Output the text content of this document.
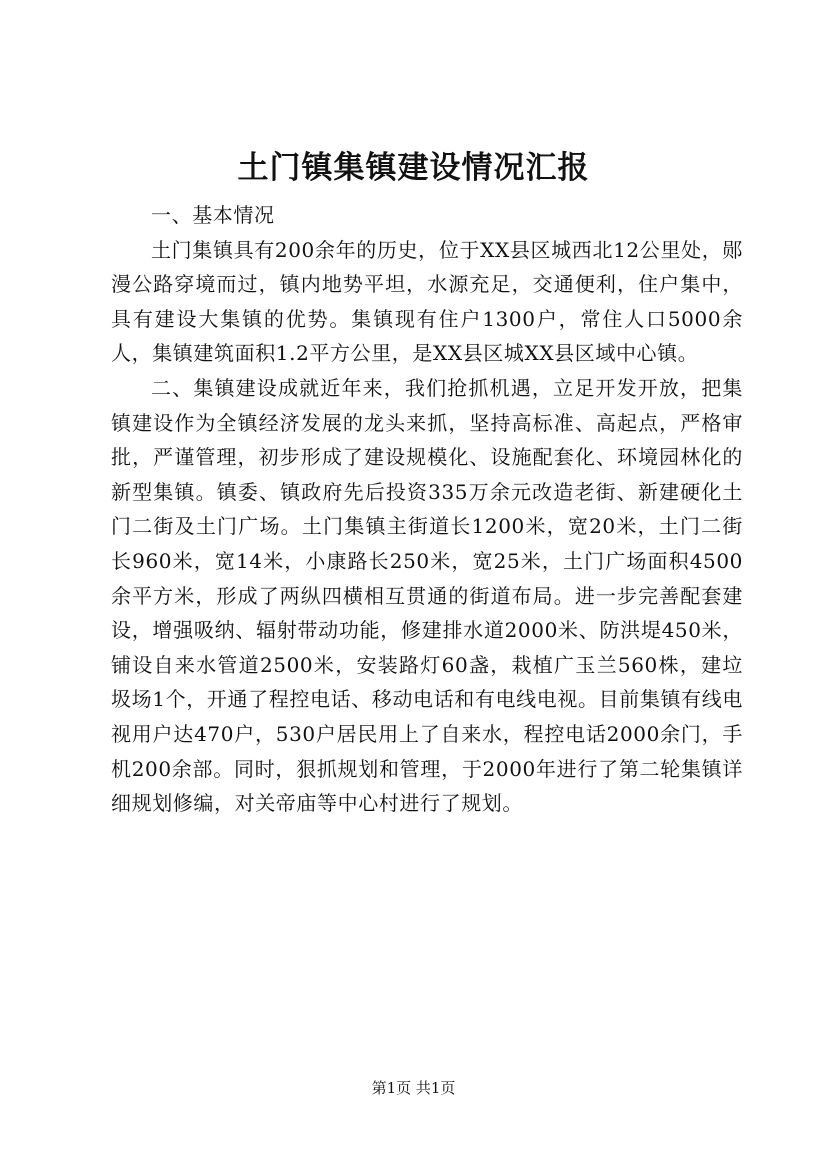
土门镇集镇建设情况汇报

一、基本情况

土门集镇具有200余年的历史，位于XX县区城西北12公里处，郧漫公路穿境而过，镇内地势平坦，水源充足，交通便利，住户集中，具有建设大集镇的优势。集镇现有住户1300户，常住人口5000余人，集镇建筑面积1.2平方公里，是XX县区城XX县区域中心镇。

二、集镇建设成就近年来，我们抢抓机遇，立足开发开放，把集镇建设作为全镇经济发展的龙头来抓，坚持高标准、高起点，严格审批，严谨管理，初步形成了建设规模化、设施配套化、环境园林化的新型集镇。镇委、镇政府先后投资335万余元改造老街、新建硬化土门二街及土门广场。土门集镇主街道长1200米，宽20米，土门二街长960米，宽14米，小康路长250米，宽25米，土门广场面积4500余平方米，形成了两纵四横相互贯通的街道布局。进一步完善配套建设，增强吸纳、辐射带动功能，修建排水道2000米、防洪堤450米，铺设自来水管道2500米，安装路灯60盏，栽植广玉兰560株，建垃圾场1个，开通了程控电话、移动电话和有电线电视。目前集镇有线电视用户达470户，530户居民用上了自来水，程控电话2000余门，手机200余部。同时，狠抓规划和管理，于2000年进行了第二轮集镇详细规划修编，对关帝庙等中心村进行了规划。

第1页 共1页
